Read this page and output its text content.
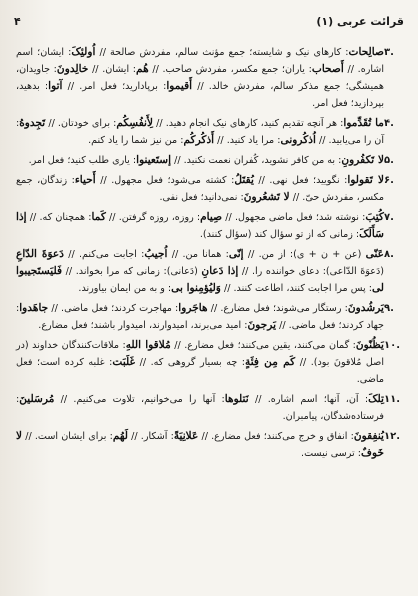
۴	قرائت عربی (۱)
۳.
صالِحات: کارهای نیک و شایسته؛ جمع مؤنث سالم، مفردش صالحة // اُولئِکَ: ایشان؛ اسم اشاره. // أَصحاب: یاران؛ جمع مکسر، مفردش صاحب. // هُم: ایشان. // خالِدونَ: جاویدان، همیشگی؛ جمع مذکر سالم، مفردش خالد. // أَقیموا: برپادارید؛ فعل امر. // آتوا: بدهید، بپردازید؛ فعل امر.
۴.
ما تُقَدِّموا: هر آنچه تقدیم کنید، کارهای نیک انجام دهید. // لِأَنفُسِکُم: برای خودتان. // تَجِدوهُ: آن را می‌یابید. // اُذکُرونی: مرا یاد کنید. // أَذکُرکُم: من نیز شما را یاد کنم.
۵.
لا تَکفُرونِ: به من کافر نشوید، کُفران نعمت نکنید. // إستَعینوا: یاری طلب کنید؛ فعل امر.
۶.
لا تَقولوا: نگویید؛ فعل نهی. // یُقتَلُ: کشته می‌شود؛ فعل مجهول. // أَحیاء: زندگان، جمع مکسر، مفردش حیّ. // لا تَشعُرونَ: نمی‌دانید؛ فعل نفی.
۷.
کُتِبَ: نوشته شد؛ فعل ماضی مجهول. // صِیام: روزه، روزه گرفتن. // کَما: همچنان که. // إذا سَأَلَکَ: زمانی که از تو سؤال کند (سؤال کنند).
۸.
عَنّی (عن + ن + ی): از من. // إنّی: همانا من. // اُجیبُ: اجابت می‌کنم. // دَعوَةَ الدّاعِ (دَعوَةَ الدّاعی): دعای خواننده را. // إذا دَعانِ (دَعانی): زمانی که مرا بخواند. // فَلیَستَجیبوا لی: پس مرا اجابت کنند، اطاعت کنند. // وَلیُؤمِنوا بی: و به من ایمان بیاورند.
۹.
یَرشُدونَ: رستگار می‌شوند؛ فعل مضارع. // هاجَروا: مهاجرت کردند؛ فعل ماضی. // جاهَدوا: جهاد کردند؛ فعل ماضی. // یَرجونَ: امید می‌برند، امیدوارند، امیدوار باشند؛ فعل مضارع.
۱۰.
یَظُنّونَ: گمان می‌کنند، یقین می‌کنند؛ فعل مضارع. // مُلاقوا اللهِ: ملاقات‌کنندگان خداوند (در اصل مُلاقونَ بود). // کَم مِن فِئَةٍ: چه بسیار گروهی که. // غَلَبَت: غلبه کرده است؛ فعل ماضی.
۱۱.
تِلکَ: آن، آنها؛ اسم اشاره. // نَتلوها: آنها را می‌خوانیم، تلاوت می‌کنیم. // مُرسَلینَ: فرستاده‌شدگان، پیامبران.
۱۲.
یُنفِقونَ: انفاق و خرج می‌کنند؛ فعل مضارع. // عَلانِیَةً: آشکار. // لَهُم: برای ایشان است. // لا خَوفٌ: ترسی نیست.
